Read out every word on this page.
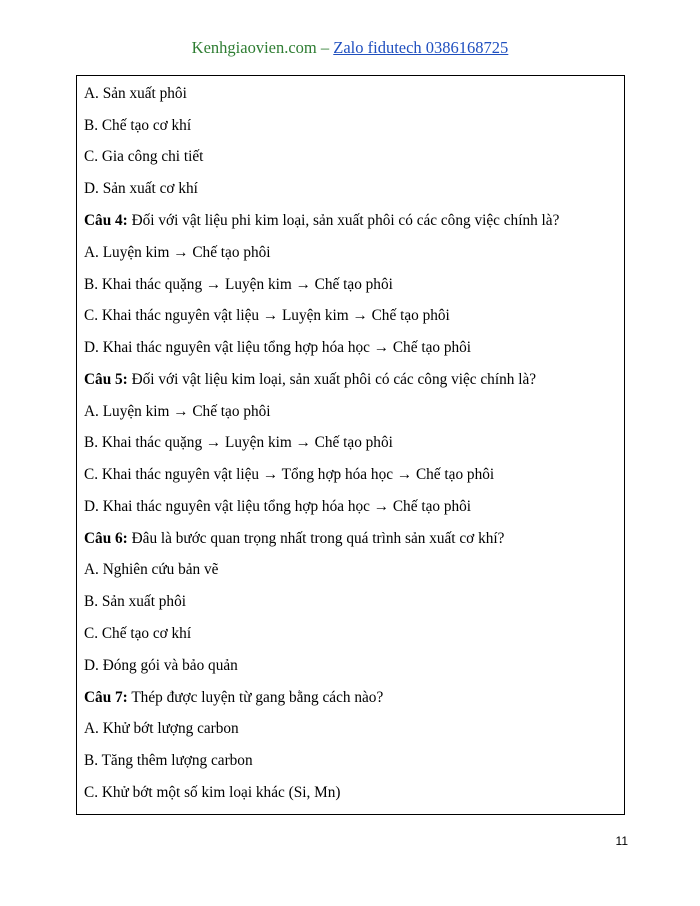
Kenhgiaovien.com – Zalo fidutech 0386168725
A. Sản xuất phôi
B. Chế tạo cơ khí
C. Gia công chi tiết
D. Sản xuất cơ khí
Câu 4: Đối với vật liệu phi kim loại, sản xuất phôi có các công việc chính là?
A. Luyện kim → Chế tạo phôi
B. Khai thác quặng → Luyện kim → Chế tạo phôi
C. Khai thác nguyên vật liệu → Luyện kim → Chế tạo phôi
D. Khai thác nguyên vật liệu tổng hợp hóa học → Chế tạo phôi
Câu 5: Đối với vật liệu kim loại, sản xuất phôi có các công việc chính là?
A. Luyện kim → Chế tạo phôi
B. Khai thác quặng → Luyện kim → Chế tạo phôi
C. Khai thác nguyên vật liệu → Tổng hợp hóa học → Chế tạo phôi
D. Khai thác nguyên vật liệu tổng hợp hóa học → Chế tạo phôi
Câu 6: Đâu là bước quan trọng nhất trong quá trình sản xuất cơ khí?
A. Nghiên cứu bản vẽ
B. Sản xuất phôi
C. Chế tạo cơ khí
D. Đóng gói và bảo quản
Câu 7: Thép được luyện từ gang bằng cách nào?
A. Khử bớt lượng carbon
B. Tăng thêm lượng carbon
C. Khử bớt một số kim loại khác (Si, Mn)
11
